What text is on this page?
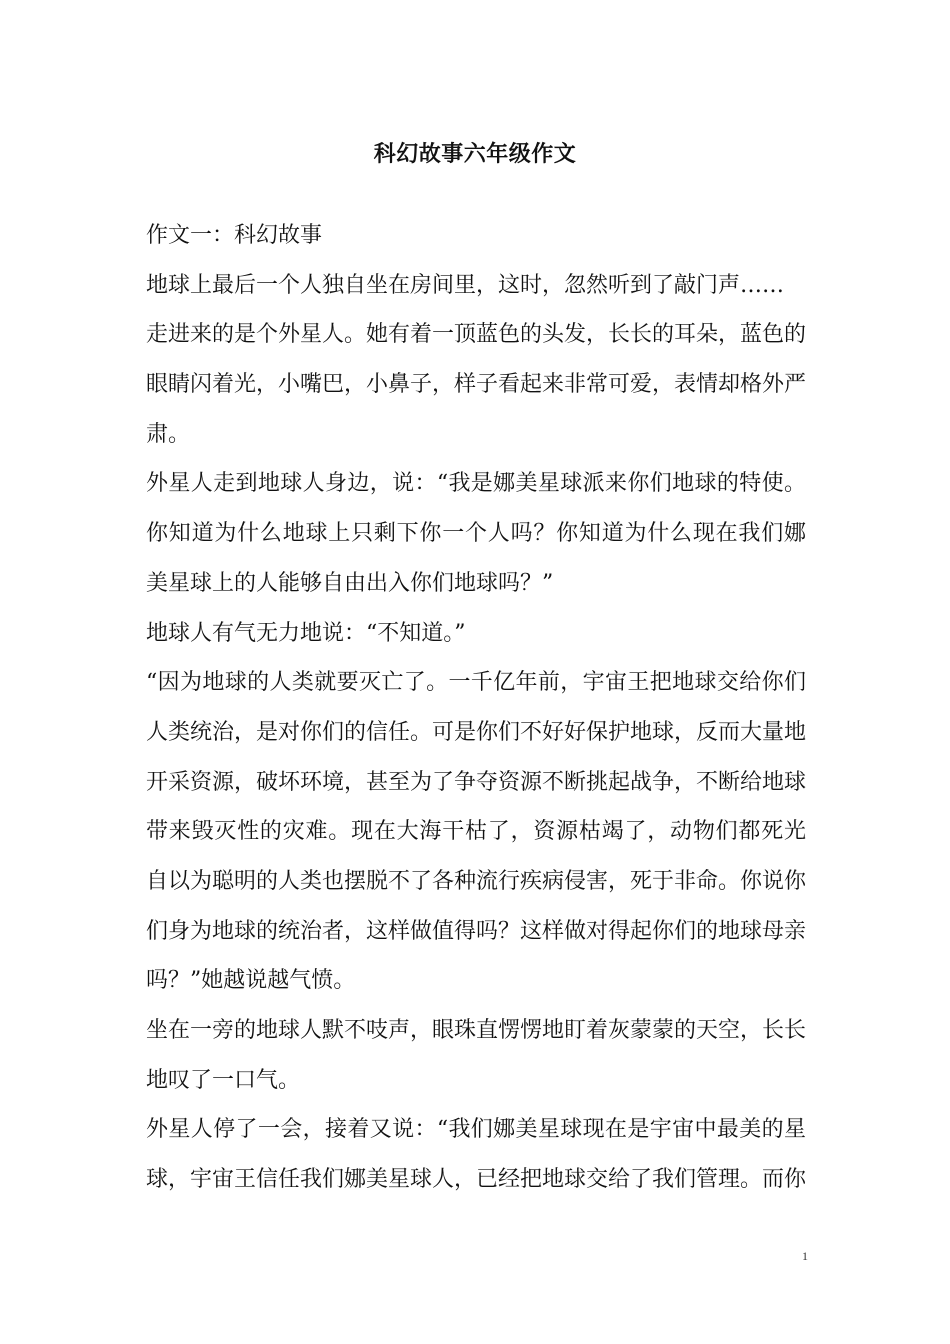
科幻故事六年级作文
作文一：科幻故事
地球上最后一个人独自坐在房间里，这时，忽然听到了敲门声……
走进来的是个外星人。她有着一顶蓝色的头发，长长的耳朵，蓝色的
眼睛闪着光，小嘴巴，小鼻子，样子看起来非常可爱，表情却格外严
肃。
外星人走到地球人身边，说：“我是娜美星球派来你们地球的特使。
你知道为什么地球上只剩下你一个人吗？你知道为什么现在我们娜
美星球上的人能够自由出入你们地球吗？”
地球人有气无力地说：“不知道。”
“因为地球的人类就要灭亡了。一千亿年前，宇宙王把地球交给你们
人类统治，是对你们的信任。可是你们不好好保护地球，反而大量地
开采资源，破坏环境，甚至为了争夺资源不断挑起战争，不断给地球
带来毁灭性的灾难。现在大海干枯了，资源枯竭了，动物们都死光
自以为聪明的人类也摆脱不了各种流行疾病侵害，死于非命。你说你
们身为地球的统治者，这样做值得吗？这样做对得起你们的地球母亲
吗？”她越说越气愤。
坐在一旁的地球人默不吱声，眼珠直愣愣地盯着灰蒙蒙的天空，长长
地叹了一口气。
外星人停了一会，接着又说：“我们娜美星球现在是宇宙中最美的星
球，宇宙王信任我们娜美星球人，已经把地球交给了我们管理。而你
1
